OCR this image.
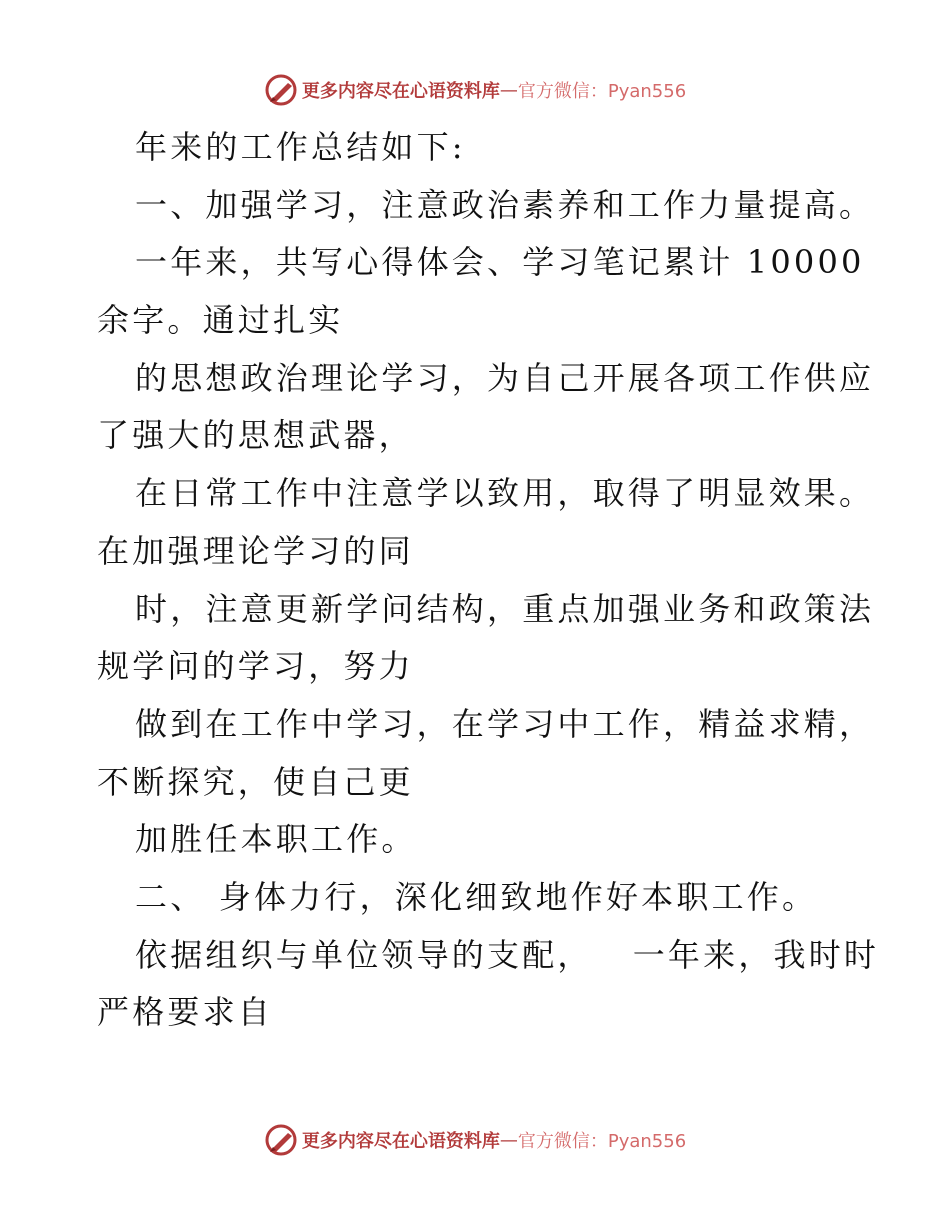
更多内容尽在心语资料库 — 官方微信：Pyan556
年来的工作总结如下:
一、加强学习，注意政治素养和工作力量提高。
一年来，共写心得体会、学习笔记累计 10000
余字。通过扎实
的思想政治理论学习，为自己开展各项工作供应
了强大的思想武器，
在日常工作中注意学以致用，取得了明显效果。
在加强理论学习的同
时，注意更新学问结构，重点加强业务和政策法
规学问的学习，努力
做到在工作中学习，在学习中工作，精益求精，
不断探究，使自己更
加胜任本职工作。
二、 身体力行，深化细致地作好本职工作。
依据组织与单位领导的支配，   一年来，我时时
严格要求自
更多内容尽在心语资料库 — 官方微信：Pyan556
